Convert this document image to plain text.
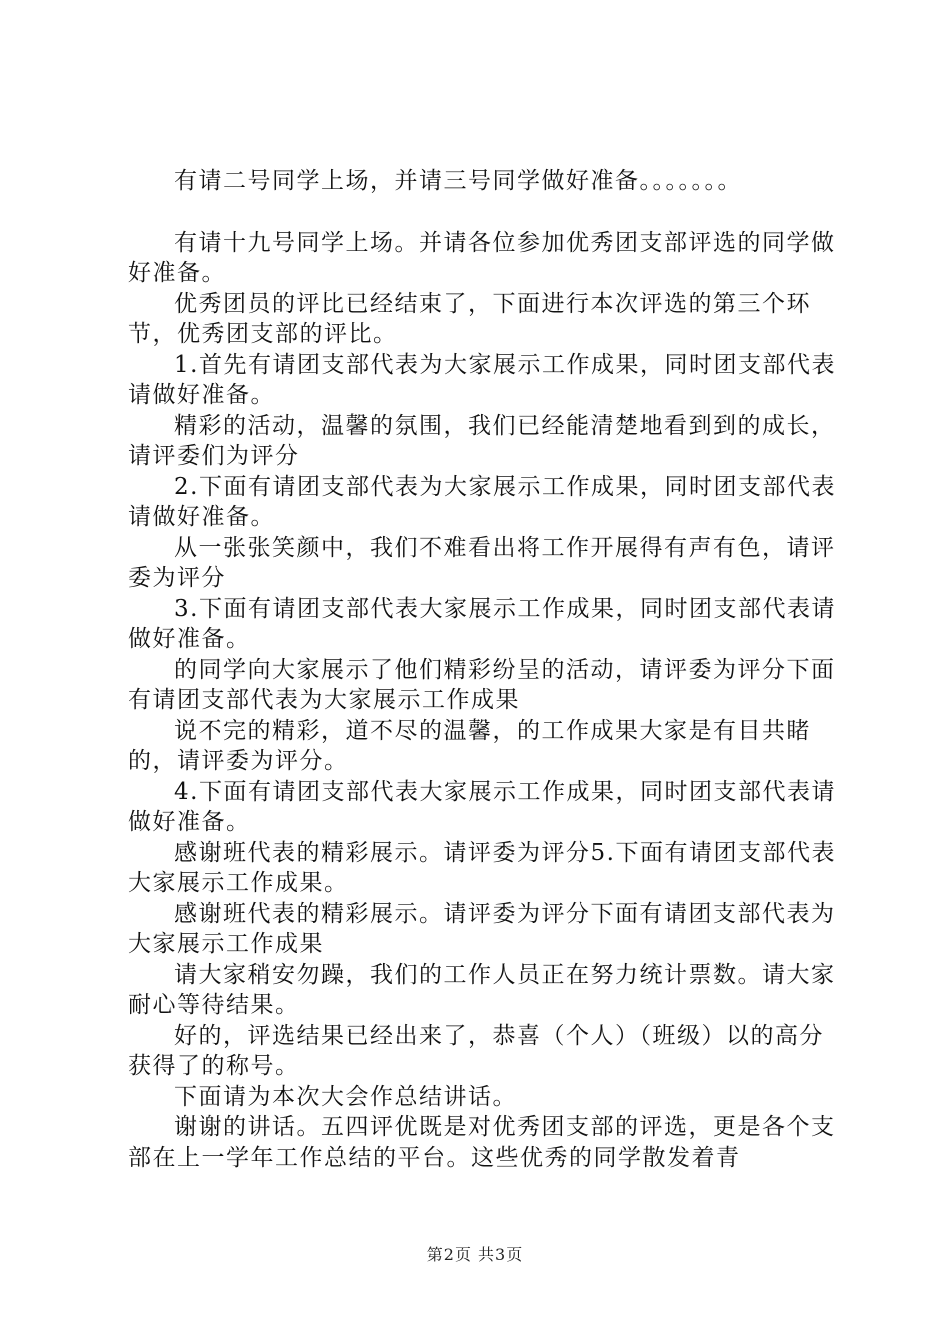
有请二号同学上场，并请三号同学做好准备。。。。。。。

有请十九号同学上场。并请各位参加优秀团支部评选的同学做好准备。

优秀团员的评比已经结束了，下面进行本次评选的第三个环节，优秀团支部的评比。

1.首先有请团支部代表为大家展示工作成果，同时团支部代表请做好准备。

精彩的活动，温馨的氛围，我们已经能清楚地看到到的成长，请评委们为评分

2.下面有请团支部代表为大家展示工作成果，同时团支部代表请做好准备。

从一张张笑颜中，我们不难看出将工作开展得有声有色，请评委为评分

3.下面有请团支部代表大家展示工作成果，同时团支部代表请做好准备。

的同学向大家展示了他们精彩纷呈的活动，请评委为评分下面有请团支部代表为大家展示工作成果

说不完的精彩，道不尽的温馨，的工作成果大家是有目共睹的，请评委为评分。

4.下面有请团支部代表大家展示工作成果，同时团支部代表请做好准备。

感谢班代表的精彩展示。请评委为评分5.下面有请团支部代表大家展示工作成果。

感谢班代表的精彩展示。请评委为评分下面有请团支部代表为大家展示工作成果

请大家稍安勿躁，我们的工作人员正在努力统计票数。请大家耐心等待结果。

好的，评选结果已经出来了，恭喜（个人）（班级）以的高分获得了的称号。

下面请为本次大会作总结讲话。

谢谢的讲话。五四评优既是对优秀团支部的评选，更是各个支部在上一学年工作总结的平台。这些优秀的同学散发着青

第2页 共3页
